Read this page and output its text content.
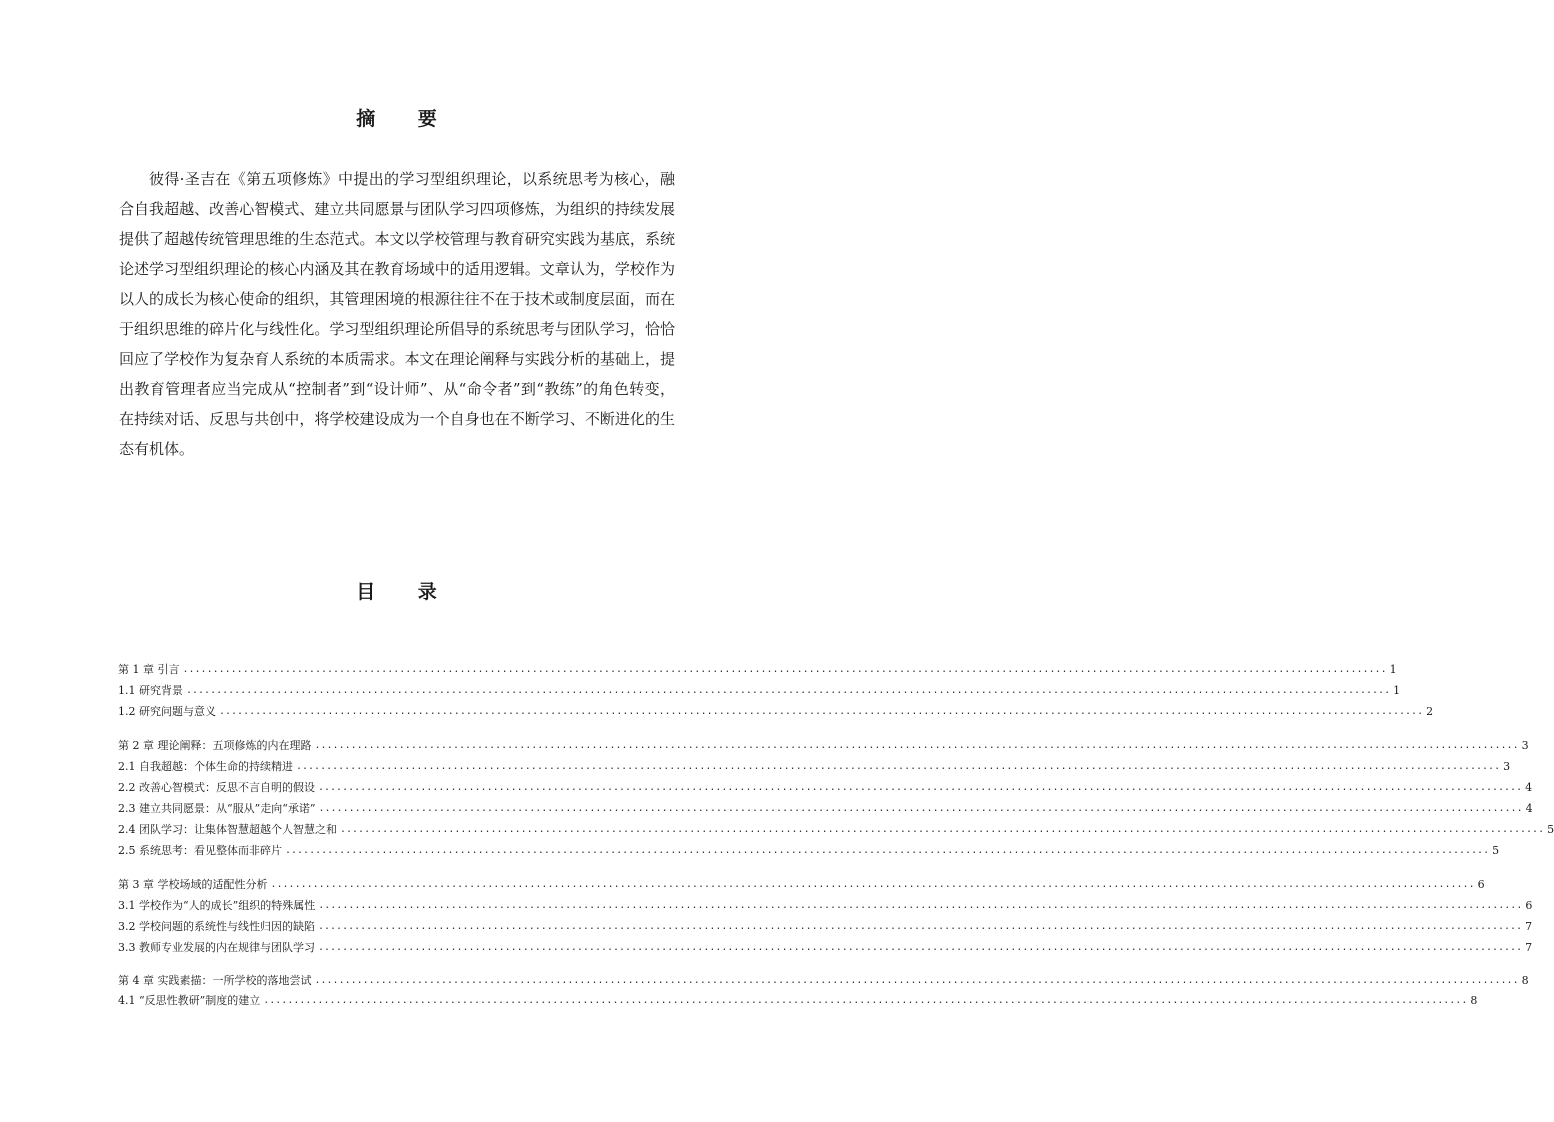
摘 要

彼得·圣吉在《第五项修炼》中提出的学习型组织理论，以系统思考为核心，融合自我超越、改善心智模式、建立共同愿景与团队学习四项修炼，为组织的持续发展提供了超越传统管理思维的生态范式。本文以学校管理与教育研究实践为基底，系统论述学习型组织理论的核心内涵及其在教育场域中的适用逻辑。文章认为，学校作为以人的成长为核心使命的组织，其管理困境的根源往往不在于技术或制度层面，而在于组织思维的碎片化与线性化。学习型组织理论所倡导的系统思考与团队学习，恰恰回应了学校作为复杂育人系统的本质需求。本文在理论阐释与实践分析的基础上，提出教育管理者应当完成从“控制者”到“设计师”、从“命令者”到“教练”的角色转变，在持续对话、反思与共创中，将学校建设成为一个自身也在不断学习、不断进化的生态有机体。

目 录
第 1 章 引言 ........................................................................................................................................................................................................ 1
1.1 研究背景 ........................................................................................................................................................................................................ 1
1.2 研究问题与意义 ........................................................................................................................................................................................................ 2
第 2 章 理论阐释：五项修炼的内在理路 ........................................................................................................................................................................................................ 3
2.1 自我超越：个体生命的持续精进 ........................................................................................................................................................................................................ 3
2.2 改善心智模式：反思不言自明的假设 ........................................................................................................................................................................................................ 4
2.3 建立共同愿景：从“服从”走向“承诺” ........................................................................................................................................................................................................ 4
2.4 团队学习：让集体智慧超越个人智慧之和 ........................................................................................................................................................................................................ 5
2.5 系统思考：看见整体而非碎片 ........................................................................................................................................................................................................ 5
第 3 章 学校场域的适配性分析 ........................................................................................................................................................................................................ 6
3.1 学校作为“人的成长”组织的特殊属性 ........................................................................................................................................................................................................ 6
3.2 学校问题的系统性与线性归因的缺陷 ........................................................................................................................................................................................................ 7
3.3 教师专业发展的内在规律与团队学习 ........................................................................................................................................................................................................ 7
第 4 章 实践素描：一所学校的落地尝试 ........................................................................................................................................................................................................ 8
4.1 “反思性教研”制度的建立 ........................................................................................................................................................................................................ 8
